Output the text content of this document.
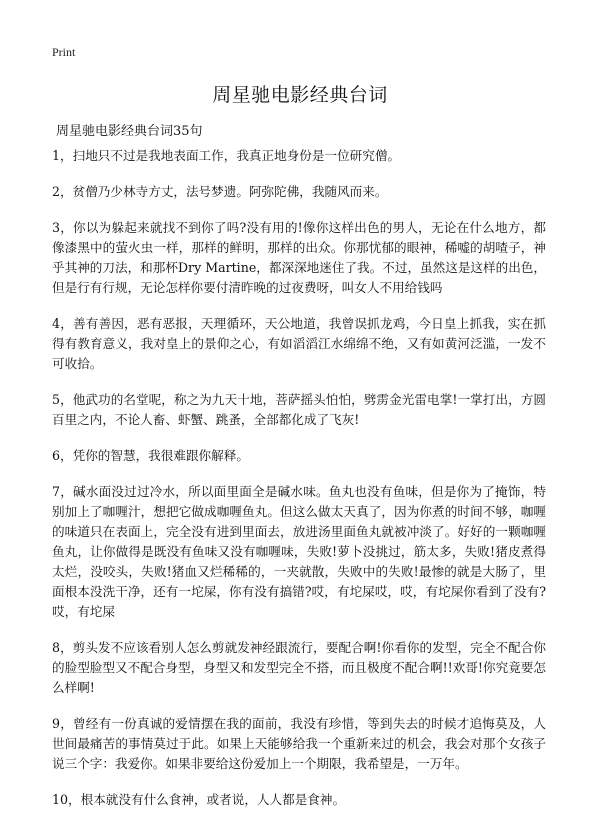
Print
周星驰电影经典台词

周星驰电影经典台词35句

1，扫地只不过是我地表面工作，我真正地身份是一位研究僧。

2，贫僧乃少林寺方丈，法号梦遗。阿弥陀佛，我随风而来。

3，你以为躲起来就找不到你了吗?没有用的!像你这样出色的男人，无论在什么地方，都像漆黑中的萤火虫一样，那样的鲜明，那样的出众。你那忧郁的眼神，稀嘘的胡喳子，神乎其神的刀法，和那杯Dry Martine，都深深地迷住了我。不过，虽然这是这样的出色，但是行有行规，无论怎样你要付清昨晚的过夜费呀，叫女人不用给钱吗

4，善有善因，恶有恶报，天理循环，天公地道，我曾误抓龙鸡，今日皇上抓我，实在抓得有教育意义，我对皇上的景仰之心，有如滔滔江水绵绵不绝，又有如黄河泛滥，一发不可收拾。

5，他武功的名堂呢，称之为九天十地，菩萨摇头怕怕，劈雳金光雷电掌!一掌打出，方圆百里之内，不论人畜、虾蟹、跳蚤，全部都化成了飞灰!

6，凭你的智慧，我很难跟你解释。

7，碱水面没过过冷水，所以面里面全是碱水味。鱼丸也没有鱼味，但是你为了掩饰，特别加上了咖喱汁，想把它做成咖喱鱼丸。但这么做太天真了，因为你煮的时间不够，咖喱的味道只在表面上，完全没有进到里面去，放进汤里面鱼丸就被冲淡了。好好的一颗咖喱鱼丸，让你做得是既没有鱼味又没有咖喱味，失败!萝卜没挑过，筋太多，失败!猪皮煮得太烂，没咬头，失败!猪血又烂稀稀的，一夹就散，失败中的失败!最惨的就是大肠了，里面根本没洗干净，还有一坨屎，你有没有搞错?哎，有坨屎哎，哎，有坨屎你看到了没有?哎，有坨屎

8，剪头发不应该看别人怎么剪就发神经跟流行，要配合啊!你看你的发型，完全不配合你的脸型脸型又不配合身型，身型又和发型完全不搭，而且极度不配合啊!!欢哥!你究竟要怎么样啊!

9，曾经有一份真诚的爱情摆在我的面前，我没有珍惜，等到失去的时候才追悔莫及，人世间最痛苦的事情莫过于此。如果上天能够给我一个重新来过的机会，我会对那个女孩子说三个字：我爱你。如果非要给这份爱加上一个期限，我希望是，一万年。

10，根本就没有什么食神，或者说，人人都是食神。
